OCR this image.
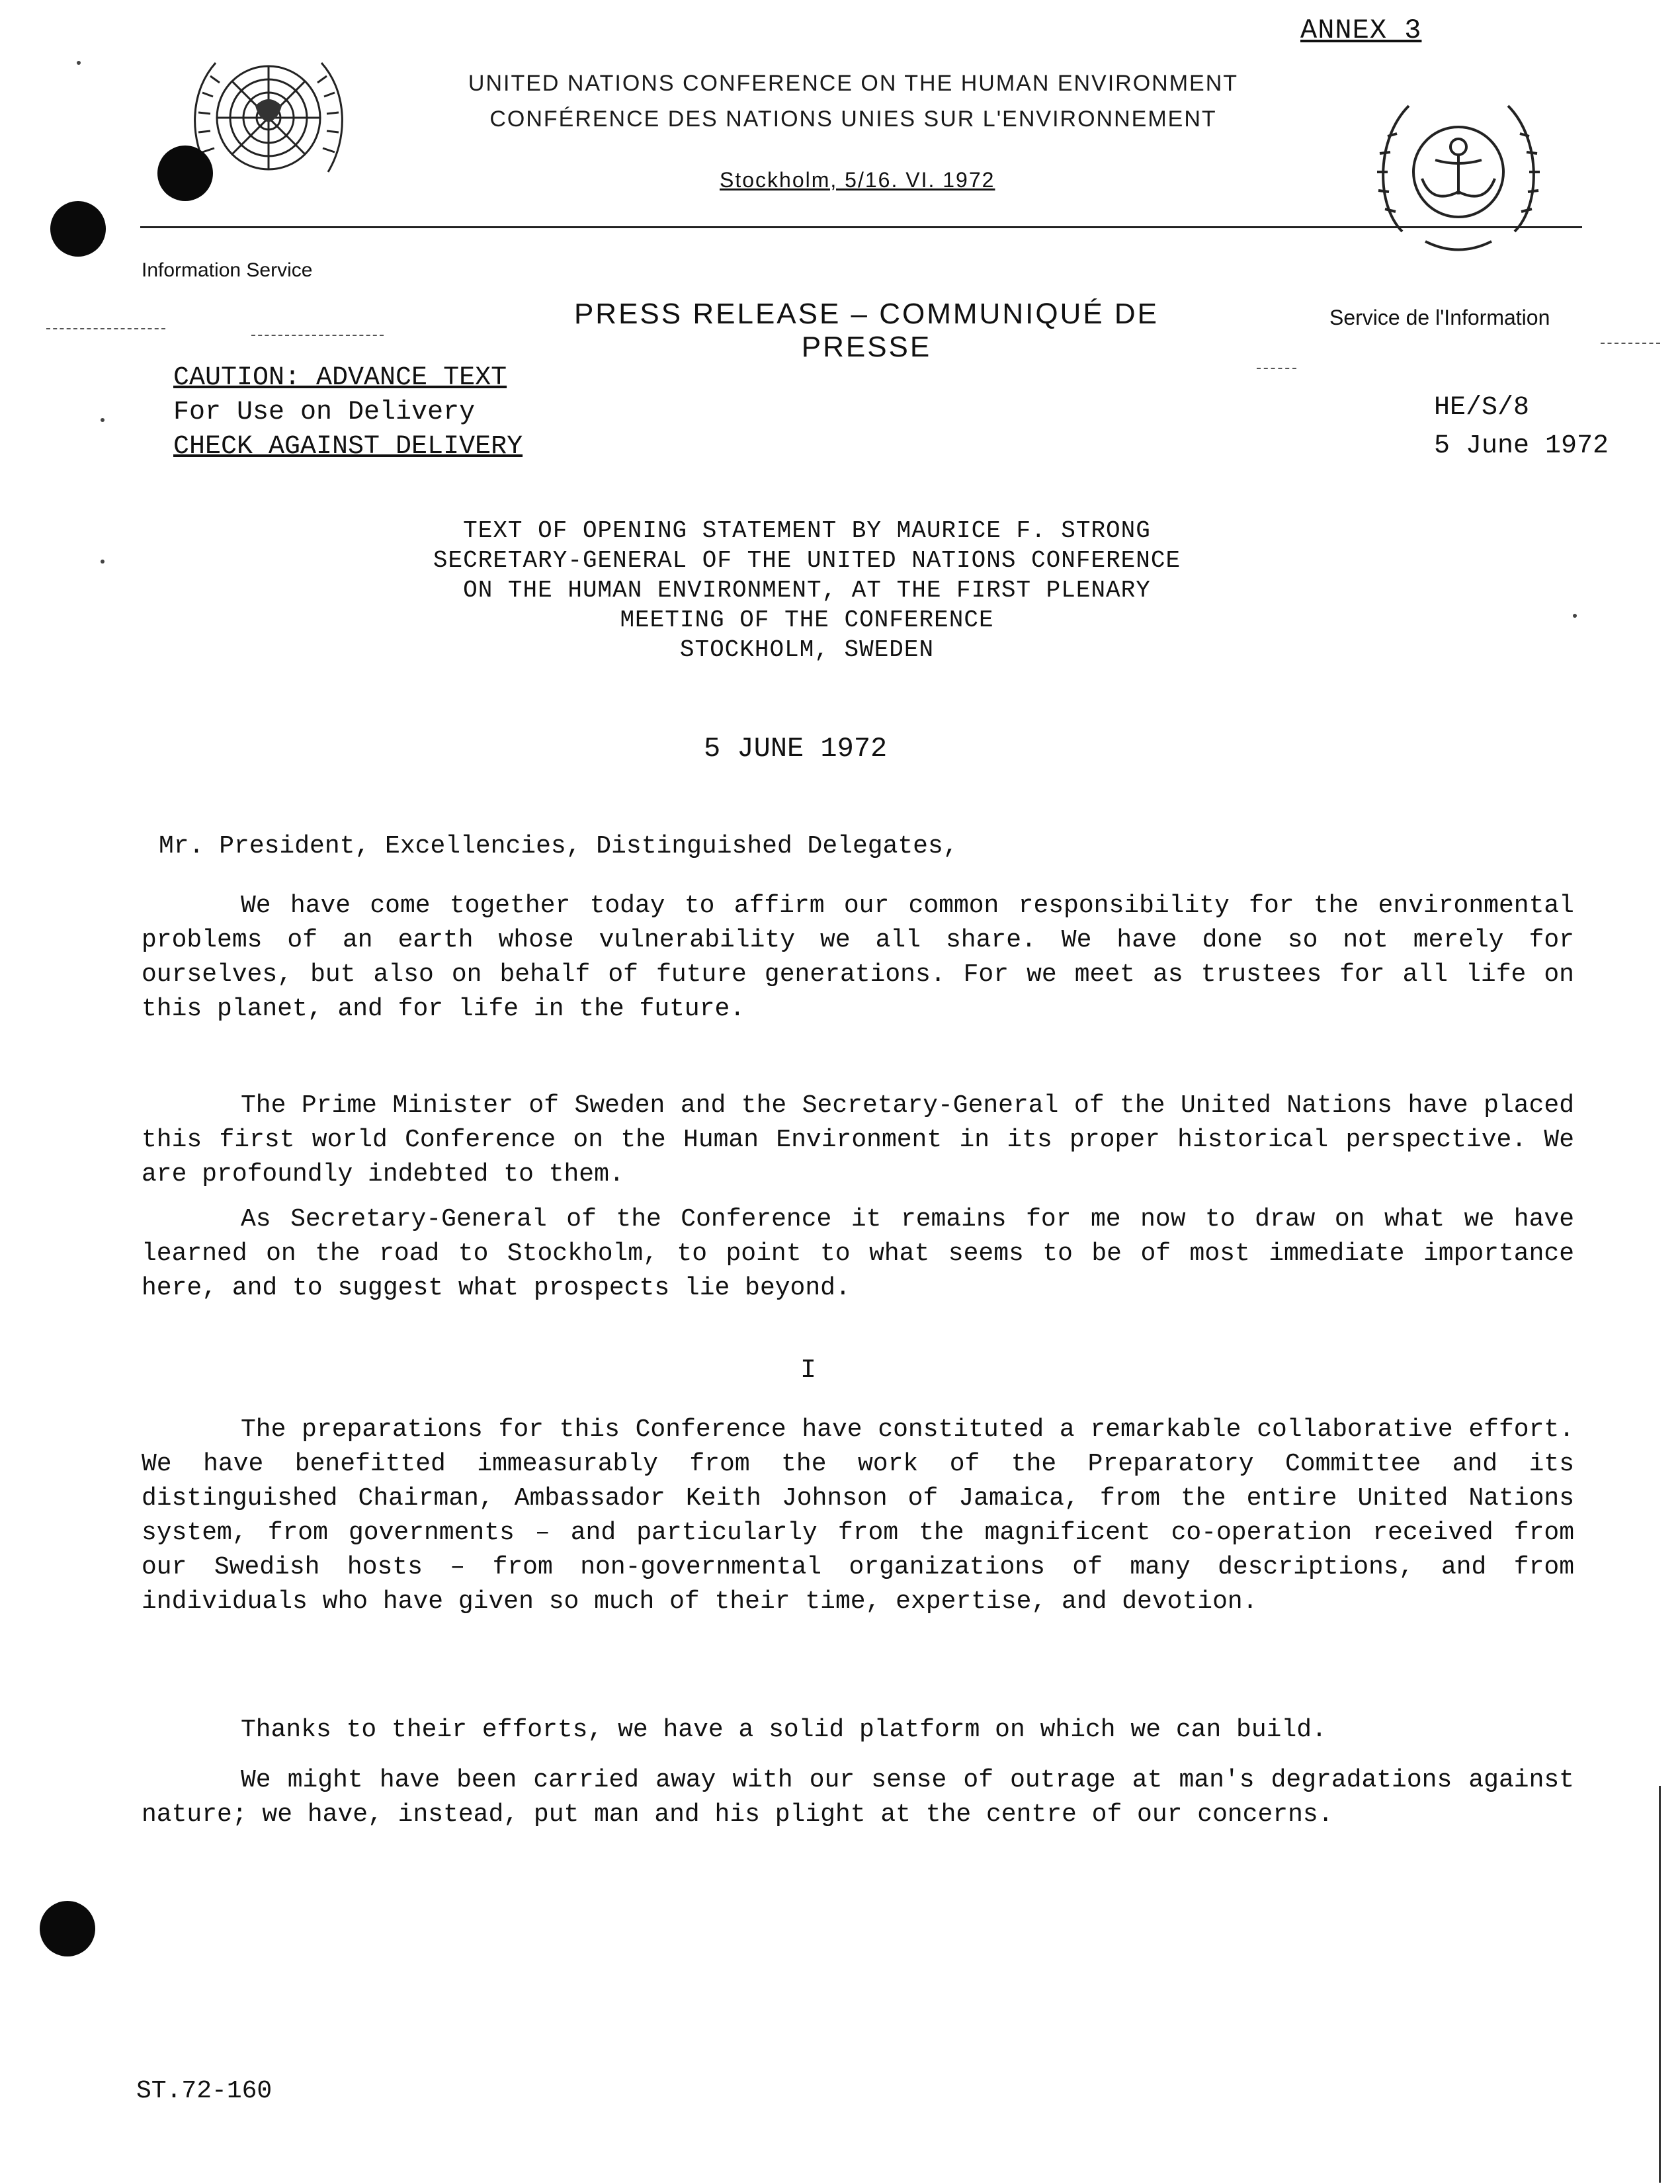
ANNEX 3
UNITED NATIONS CONFERENCE ON THE HUMAN ENVIRONMENT
CONFÉRENCE DES NATIONS UNIES SUR L'ENVIRONNEMENT
Stockholm, 5/16. VI. 1972
Information Service
Service de l'Information
PRESS RELEASE – COMMUNIQUÉ DE PRESSE
CAUTION: ADVANCE TEXT
For Use on Delivery
CHECK AGAINST DELIVERY
HE/S/8
5 June 1972
TEXT OF OPENING STATEMENT BY MAURICE F. STRONG
SECRETARY-GENERAL OF THE UNITED NATIONS CONFERENCE
ON THE HUMAN ENVIRONMENT, AT THE FIRST PLENARY
MEETING OF THE CONFERENCE
STOCKHOLM, SWEDEN
5 JUNE 1972
Mr. President, Excellencies, Distinguished Delegates,
We have come together today to affirm our common responsibility for the environmental problems of an earth whose vulnerability we all share. We have done so not merely for ourselves, but also on behalf of future generations. For we meet as trustees for all life on this planet, and for life in the future.
The Prime Minister of Sweden and the Secretary-General of the United Nations have placed this first world Conference on the Human Environment in its proper historical perspective. We are profoundly indebted to them.
As Secretary-General of the Conference it remains for me now to draw on what we have learned on the road to Stockholm, to point to what seems to be of most immediate importance here, and to suggest what prospects lie beyond.
I
The preparations for this Conference have constituted a remarkable collaborative effort. We have benefitted immeasurably from the work of the Preparatory Committee and its distinguished Chairman, Ambassador Keith Johnson of Jamaica, from the entire United Nations system, from governments – and particularly from the magnificent co-operation received from our Swedish hosts – from non-governmental organizations of many descriptions, and from individuals who have given so much of their time, expertise, and devotion.
Thanks to their efforts, we have a solid platform on which we can build.
We might have been carried away with our sense of outrage at man's degradations against nature; we have, instead, put man and his plight at the centre of our concerns.
ST.72-160
